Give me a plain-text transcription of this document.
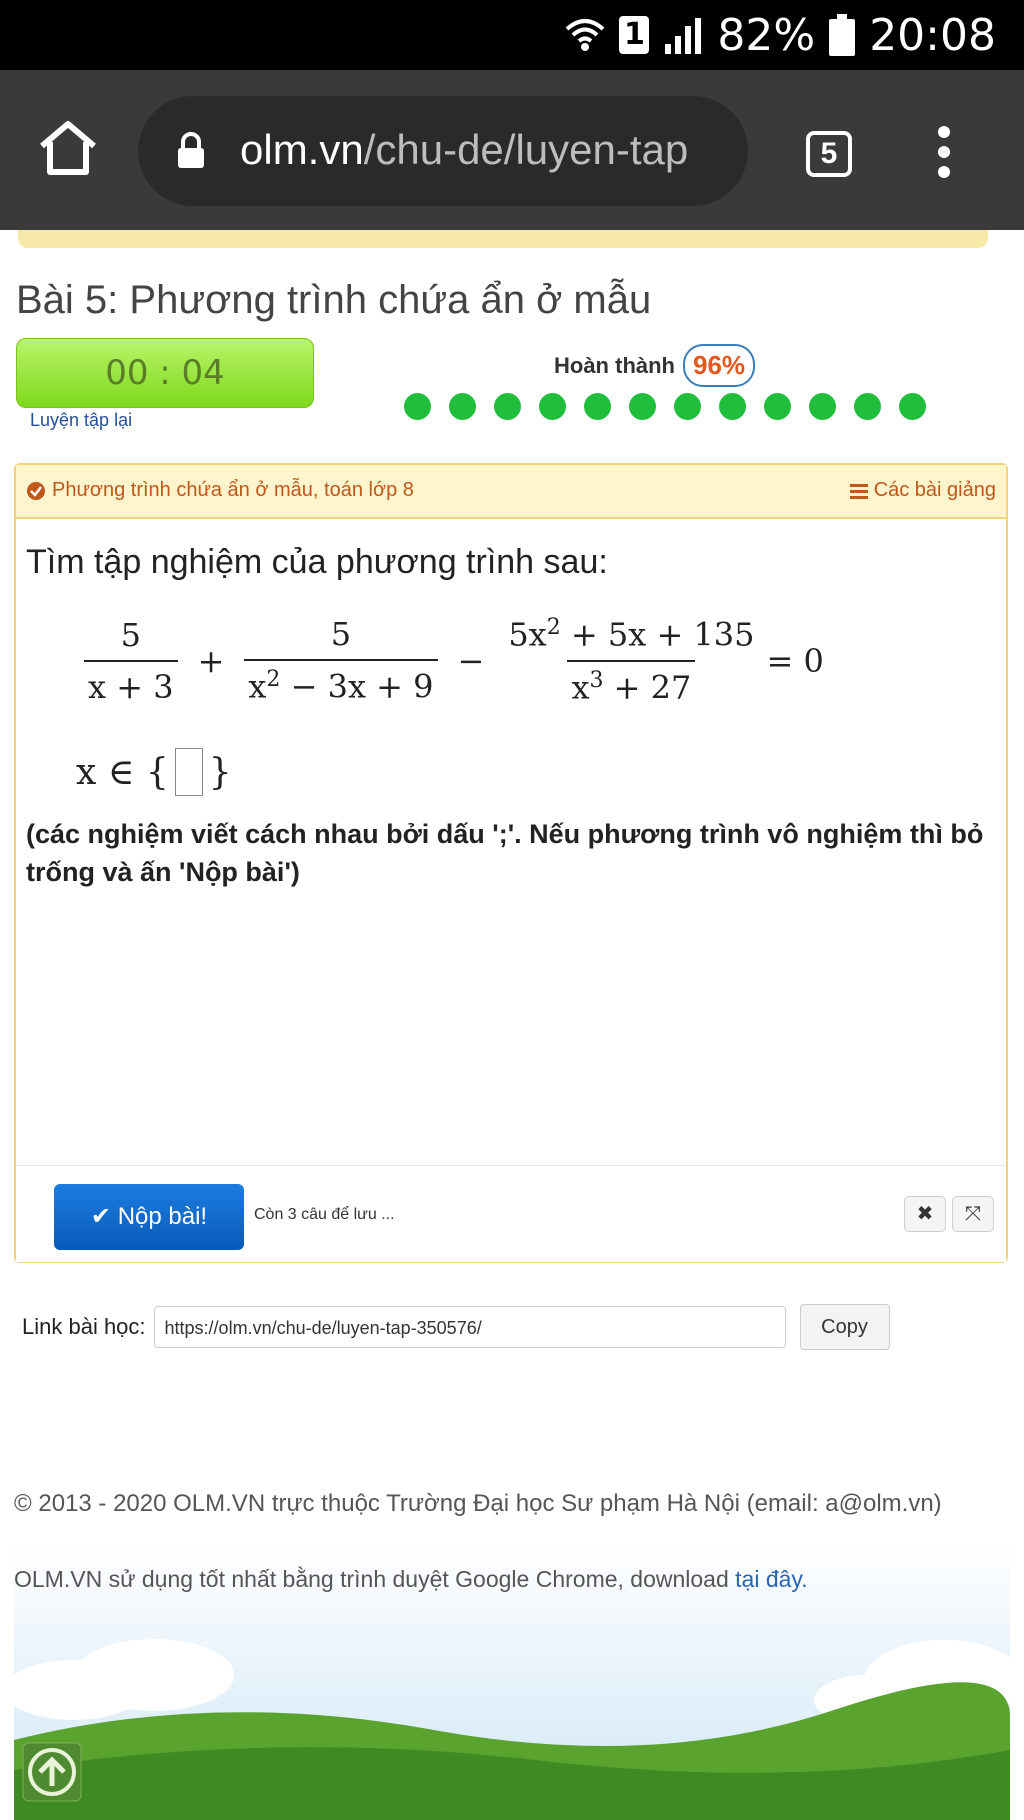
1 82% 20:08
olm.vn/chu-de/luyen-tap	5
Bài 5: Phương trình chứa ẩn ở mẫu
00 : 04
Luyện tập lại
Hoàn thành 96%
Phương trình chứa ẩn ở mẫu, toán lớp 8	Các bài giảng
Tìm tập nghiệm của phương trình sau:
$\frac{5}{x + 3} + \frac{5}{x^2 - 3x + 9} - \frac{5x^2 + 5x + 135}{x^3 + 27} = 0$
x ∈ { }
(các nghiệm viết cách nhau bởi dấu ';'. Nếu phương trình vô nghiệm thì bỏ trống và ấn 'Nộp bài')
✔ Nộp bài!	Còn 3 câu để lưu ...	✖	⤧
Link bài học:	https://olm.vn/chu-de/luyen-tap-350576/	Copy
© 2013 - 2020 OLM.VN trực thuộc Trường Đại học Sư phạm Hà Nội (email: a@olm.vn)
OLM.VN sử dụng tốt nhất bằng trình duyệt Google Chrome, download tại đây.
